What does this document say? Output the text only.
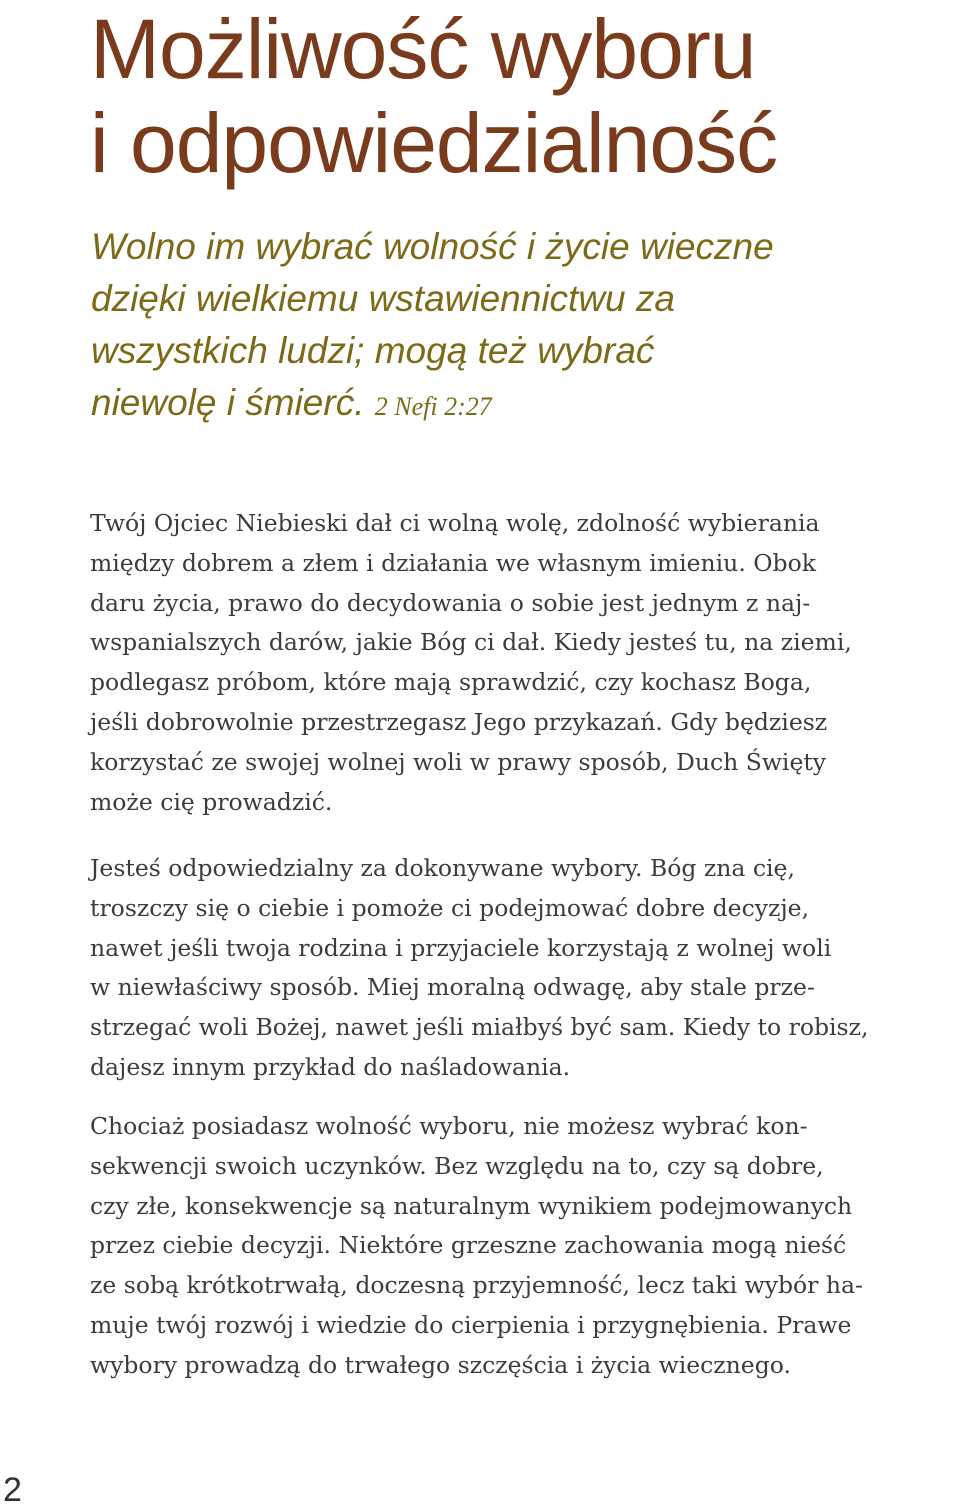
Możliwość wyboru
i odpowiedzialność
Wolno im wybrać wolność i życie wieczne
dzięki wielkiemu wstawiennictwu za
wszystkich ludzi; mogą też wybrać
niewolę i śmierć. 2 Nefi 2:27
Twój Ojciec Niebieski dał ci wolną wolę, zdolność wybierania
między dobrem a złem i działania we własnym imieniu. Obok
daru życia, prawo do decydowania o sobie jest jednym z naj-
wspanialszych darów, jakie Bóg ci dał. Kiedy jesteś tu, na ziemi,
podlegasz próbom, które mają sprawdzić, czy kochasz Boga,
jeśli dobrowolnie przestrzegasz Jego przykazań. Gdy będziesz
korzystać ze swojej wolnej woli w prawy sposób, Duch Święty
może cię prowadzić.
Jesteś odpowiedzialny za dokonywane wybory. Bóg zna cię,
troszczy się o ciebie i pomoże ci podejmować dobre decyzje,
nawet jeśli twoja rodzina i przyjaciele korzystają z wolnej woli
w niewłaściwy sposób. Miej moralną odwagę, aby stale prze-
strzegać woli Bożej, nawet jeśli miałbyś być sam. Kiedy to robisz,
dajesz innym przykład do naśladowania.
Chociaż posiadasz wolność wyboru, nie możesz wybrać kon-
sekwencji swoich uczynków. Bez względu na to, czy są dobre,
czy złe, konsekwencje są naturalnym wynikiem podejmowanych
przez ciebie decyzji. Niektóre grzeszne zachowania mogą nieść
ze sobą krótkotrwałą, doczesną przyjemność, lecz taki wybór ha-
muje twój rozwój i wiedzie do cierpienia i przygnębienia. Prawe
wybory prowadzą do trwałego szczęścia i życia wiecznego.
2
